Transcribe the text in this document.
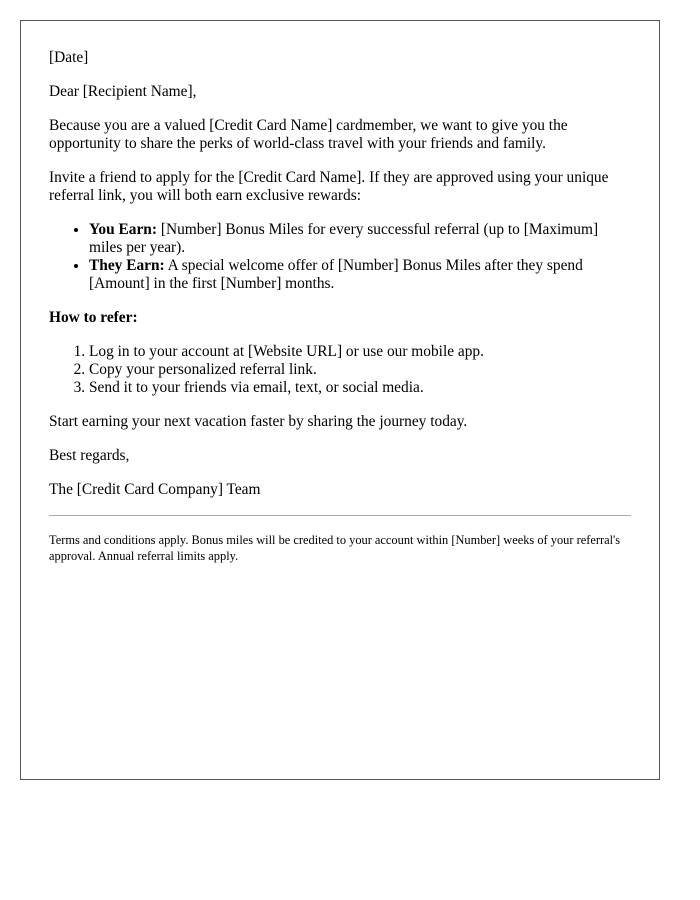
[Date]

Dear [Recipient Name],

Because you are a valued [Credit Card Name] cardmember, we want to give you the opportunity to share the perks of world-class travel with your friends and family.

Invite a friend to apply for the [Credit Card Name]. If they are approved using your unique referral link, you will both earn exclusive rewards:

• You Earn: [Number] Bonus Miles for every successful referral (up to [Maximum] miles per year).
• They Earn: A special welcome offer of [Number] Bonus Miles after they spend [Amount] in the first [Number] months.

How to refer:

1. Log in to your account at [Website URL] or use our mobile app.
2. Copy your personalized referral link.
3. Send it to your friends via email, text, or social media.

Start earning your next vacation faster by sharing the journey today.

Best regards,

The [Credit Card Company] Team

Terms and conditions apply. Bonus miles will be credited to your account within [Number] weeks of your referral's approval. Annual referral limits apply.
